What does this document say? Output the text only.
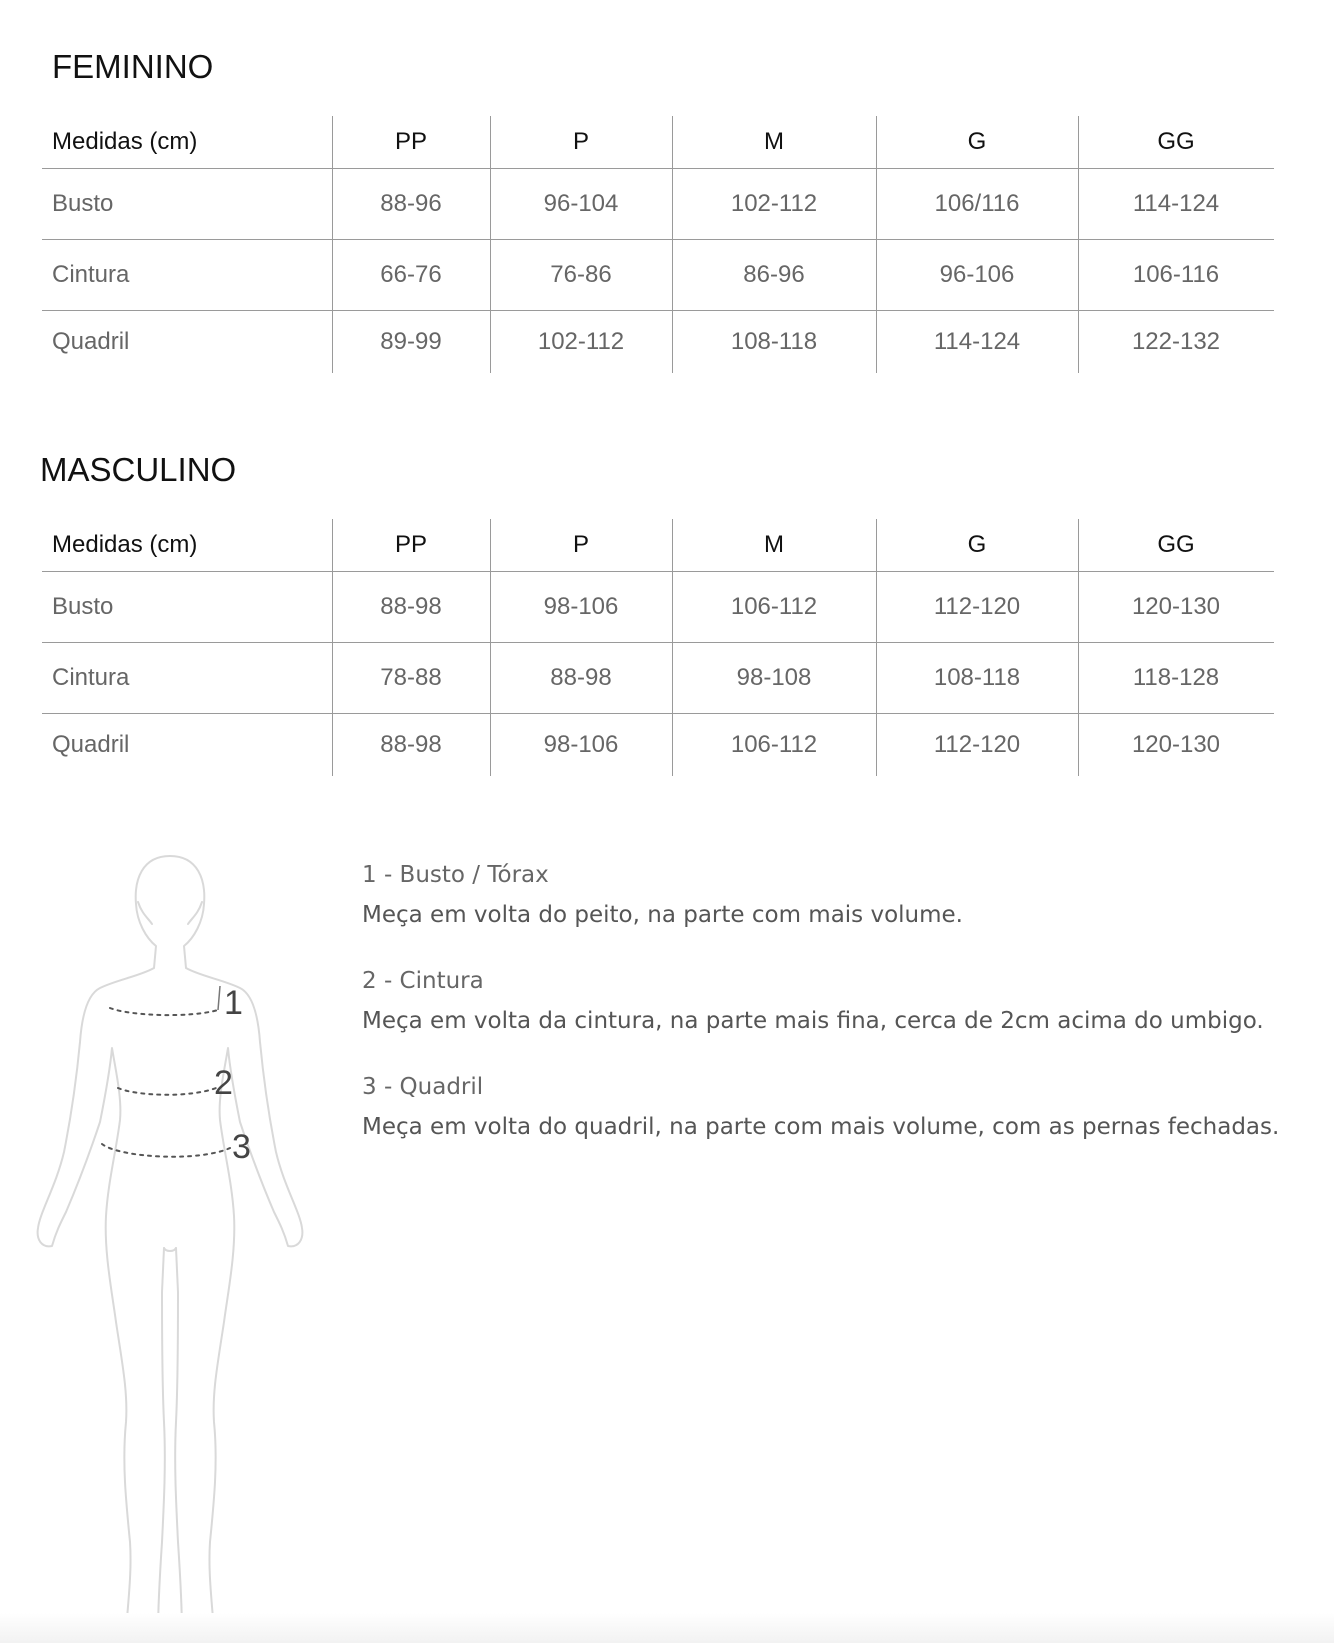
FEMININO
Medidas (cm)	PP	P	M	G	GG
Busto	88-96	96-104	102-112	106/116	114-124
Cintura	66-76	76-86	86-96	96-106	106-116
Quadril	89-99	102-112	108-118	114-124	122-132
MASCULINO
Medidas (cm)	PP	P	M	G	GG
Busto	88-98	98-106	106-112	112-120	120-130
Cintura	78-88	88-98	98-108	108-118	118-128
Quadril	88-98	98-106	106-112	112-120	120-130
1
2
3
1 - Busto / Tórax
Meça em volta do peito, na parte com mais volume.
2 - Cintura
Meça em volta da cintura, na parte mais fina, cerca de 2cm acima do umbigo.
3 - Quadril
Meça em volta do quadril, na parte com mais volume, com as pernas fechadas.
